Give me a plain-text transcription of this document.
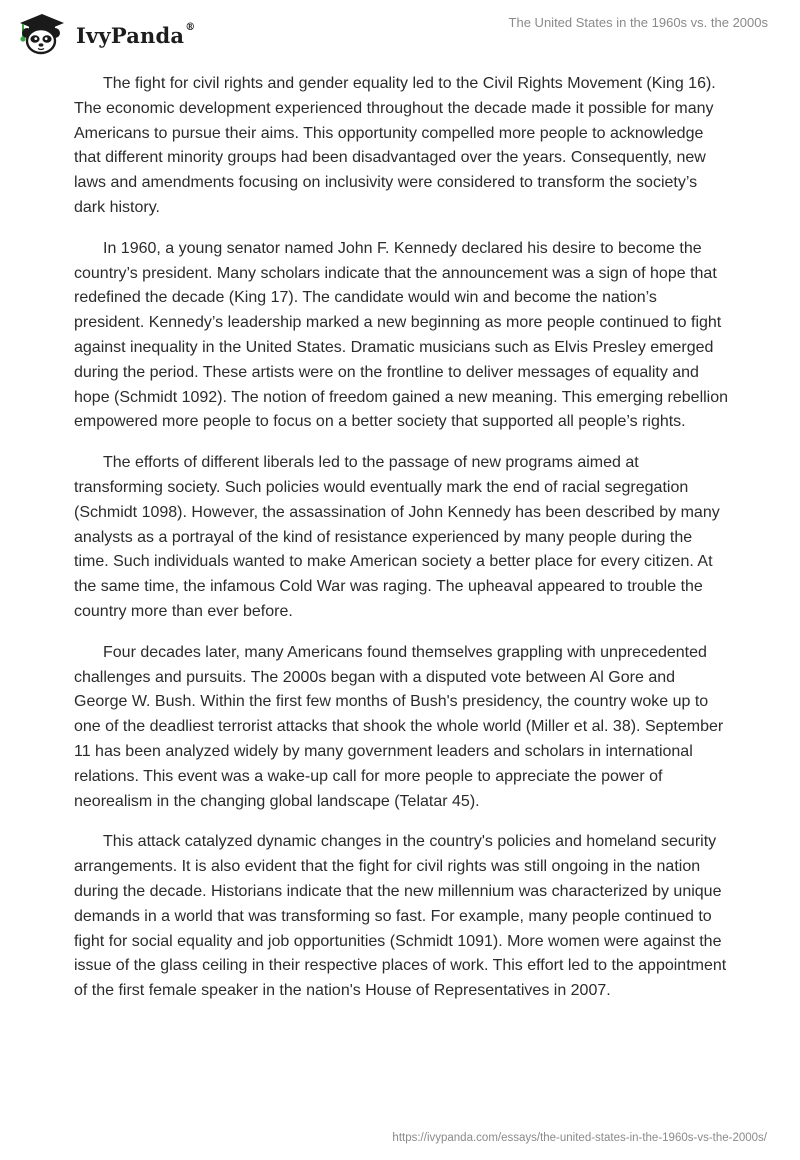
IvyPanda ®	The United States in the 1960s vs. the 2000s

The fight for civil rights and gender equality led to the Civil Rights Movement (King 16). The economic development experienced throughout the decade made it possible for many Americans to pursue their aims. This opportunity compelled more people to acknowledge that different minority groups had been disadvantaged over the years. Consequently, new laws and amendments focusing on inclusivity were considered to transform the society’s dark history.

In 1960, a young senator named John F. Kennedy declared his desire to become the country’s president. Many scholars indicate that the announcement was a sign of hope that redefined the decade (King 17). The candidate would win and become the nation’s president. Kennedy’s leadership marked a new beginning as more people continued to fight against inequality in the United States. Dramatic musicians such as Elvis Presley emerged during the period. These artists were on the frontline to deliver messages of equality and hope (Schmidt 1092). The notion of freedom gained a new meaning. This emerging rebellion empowered more people to focus on a better society that supported all people’s rights.

The efforts of different liberals led to the passage of new programs aimed at transforming society. Such policies would eventually mark the end of racial segregation (Schmidt 1098). However, the assassination of John Kennedy has been described by many analysts as a portrayal of the kind of resistance experienced by many people during the time. Such individuals wanted to make American society a better place for every citizen. At the same time, the infamous Cold War was raging. The upheaval appeared to trouble the country more than ever before.

Four decades later, many Americans found themselves grappling with unprecedented challenges and pursuits. The 2000s began with a disputed vote between Al Gore and George W. Bush. Within the first few months of Bush's presidency, the country woke up to one of the deadliest terrorist attacks that shook the whole world (Miller et al. 38). September 11 has been analyzed widely by many government leaders and scholars in international relations. This event was a wake-up call for more people to appreciate the power of neorealism in the changing global landscape (Telatar 45).

This attack catalyzed dynamic changes in the country's policies and homeland security arrangements. It is also evident that the fight for civil rights was still ongoing in the nation during the decade. Historians indicate that the new millennium was characterized by unique demands in a world that was transforming so fast. For example, many people continued to fight for social equality and job opportunities (Schmidt 1091). More women were against the issue of the glass ceiling in their respective places of work. This effort led to the appointment of the first female speaker in the nation's House of Representatives in 2007.

https://ivypanda.com/essays/the-united-states-in-the-1960s-vs-the-2000s/
